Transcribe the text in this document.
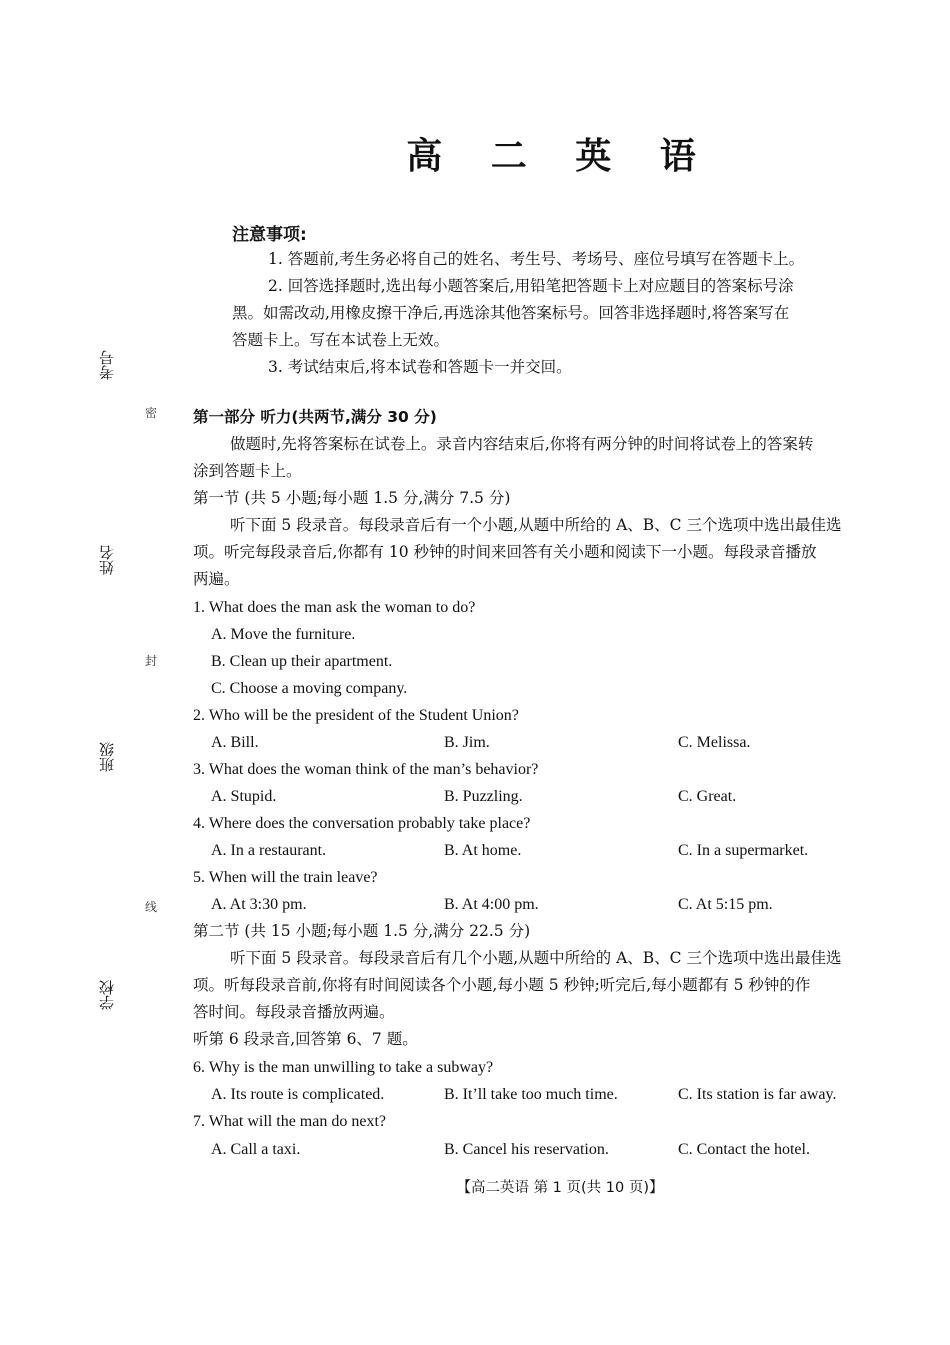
高 二 英 语
注意事项:
1. 答题前,考生务必将自己的姓名、考生号、考场号、座位号填写在答题卡上。
2. 回答选择题时,选出每小题答案后,用铅笔把答题卡上对应题目的答案标号涂
黑。如需改动,用橡皮擦干净后,再选涂其他答案标号。回答非选择题时,将答案写在
答题卡上。写在本试卷上无效。
3. 考试结束后,将本试卷和答题卡一并交回。
考号
姓名
班级
学校
密
封
线
第一部分 听力(共两节,满分 30 分)
做题时,先将答案标在试卷上。录音内容结束后,你将有两分钟的时间将试卷上的答案转
涂到答题卡上。
第一节 (共 5 小题;每小题 1.5 分,满分 7.5 分)
听下面 5 段录音。每段录音后有一个小题,从题中所给的 A、B、C 三个选项中选出最佳选
项。听完每段录音后,你都有 10 秒钟的时间来回答有关小题和阅读下一小题。每段录音播放
两遍。
1. What does the man ask the woman to do?
A. Move the furniture.
B. Clean up their apartment.
C. Choose a moving company.
2. Who will be the president of the Student Union?
A. Bill.	B. Jim.	C. Melissa.
3. What does the woman think of the man’s behavior?
A. Stupid.	B. Puzzling.	C. Great.
4. Where does the conversation probably take place?
A. In a restaurant.	B. At home.	C. In a supermarket.
5. When will the train leave?
A. At 3:30 pm.	B. At 4:00 pm.	C. At 5:15 pm.
第二节 (共 15 小题;每小题 1.5 分,满分 22.5 分)
听下面 5 段录音。每段录音后有几个小题,从题中所给的 A、B、C 三个选项中选出最佳选
项。听每段录音前,你将有时间阅读各个小题,每小题 5 秒钟;听完后,每小题都有 5 秒钟的作
答时间。每段录音播放两遍。
听第 6 段录音,回答第 6、7 题。
6. Why is the man unwilling to take a subway?
A. Its route is complicated.	B. It’ll take too much time.	C. Its station is far away.
7. What will the man do next?
A. Call a taxi.	B. Cancel his reservation.	C. Contact the hotel.
【高二英语 第 1 页(共 10 页)】
